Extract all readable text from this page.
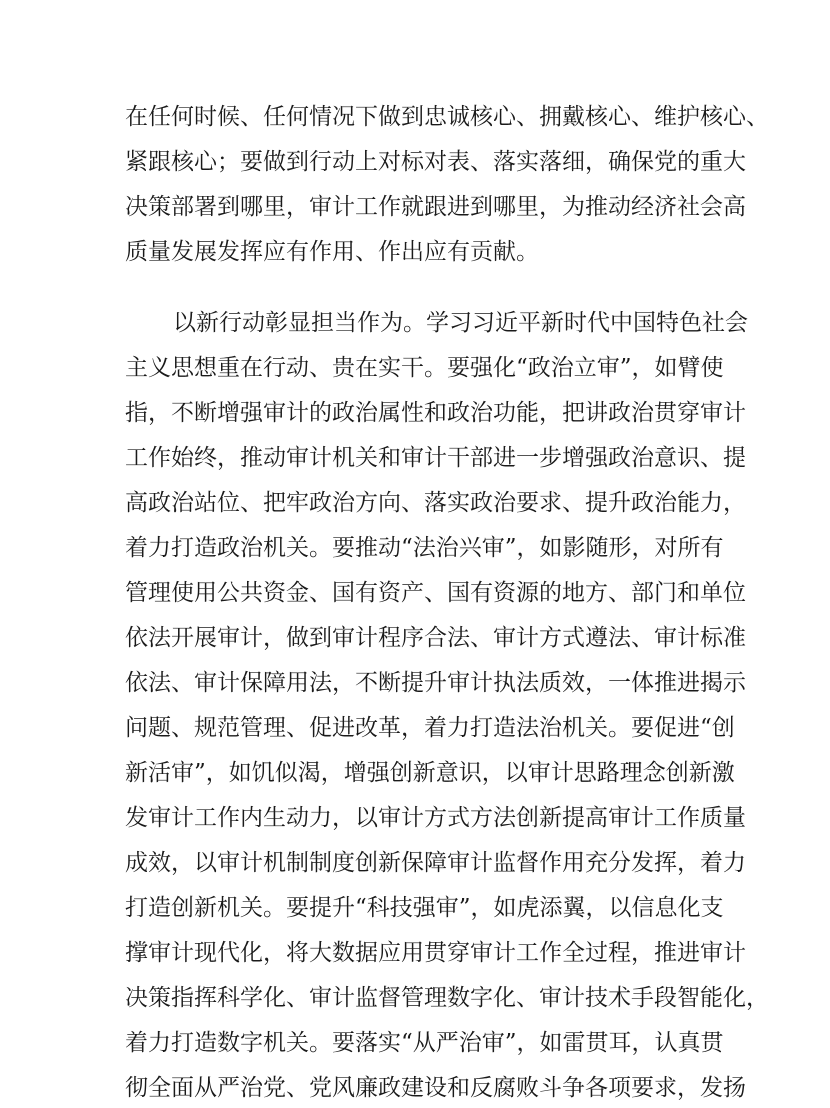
在任何时候、任何情况下做到忠诚核心、拥戴核心、维护核心、
紧跟核心；要做到行动上对标对表、落实落细，确保党的重大
决策部署到哪里，审计工作就跟进到哪里，为推动经济社会高
质量发展发挥应有作用、作出应有贡献。
以新行动彰显担当作为。学习习近平新时代中国特色社会
主义思想重在行动、贵在实干。要强化“政治立审”，如臂使
指，不断增强审计的政治属性和政治功能，把讲政治贯穿审计
工作始终，推动审计机关和审计干部进一步增强政治意识、提
高政治站位、把牢政治方向、落实政治要求、提升政治能力，
着力打造政治机关。要推动“法治兴审”，如影随形，对所有
管理使用公共资金、国有资产、国有资源的地方、部门和单位
依法开展审计，做到审计程序合法、审计方式遵法、审计标准
依法、审计保障用法，不断提升审计执法质效，一体推进揭示
问题、规范管理、促进改革，着力打造法治机关。要促进“创
新活审”，如饥似渴，增强创新意识，以审计思路理念创新激
发审计工作内生动力，以审计方式方法创新提高审计工作质量
成效，以审计机制制度创新保障审计监督作用充分发挥，着力
打造创新机关。要提升“科技强审”，如虎添翼，以信息化支
撑审计现代化，将大数据应用贯穿审计工作全过程，推进审计
决策指挥科学化、审计监督管理数字化、审计技术手段智能化，
着力打造数字机关。要落实“从严治审”，如雷贯耳，认真贯
彻全面从严治党、党风廉政建设和反腐败斗争各项要求，发扬
